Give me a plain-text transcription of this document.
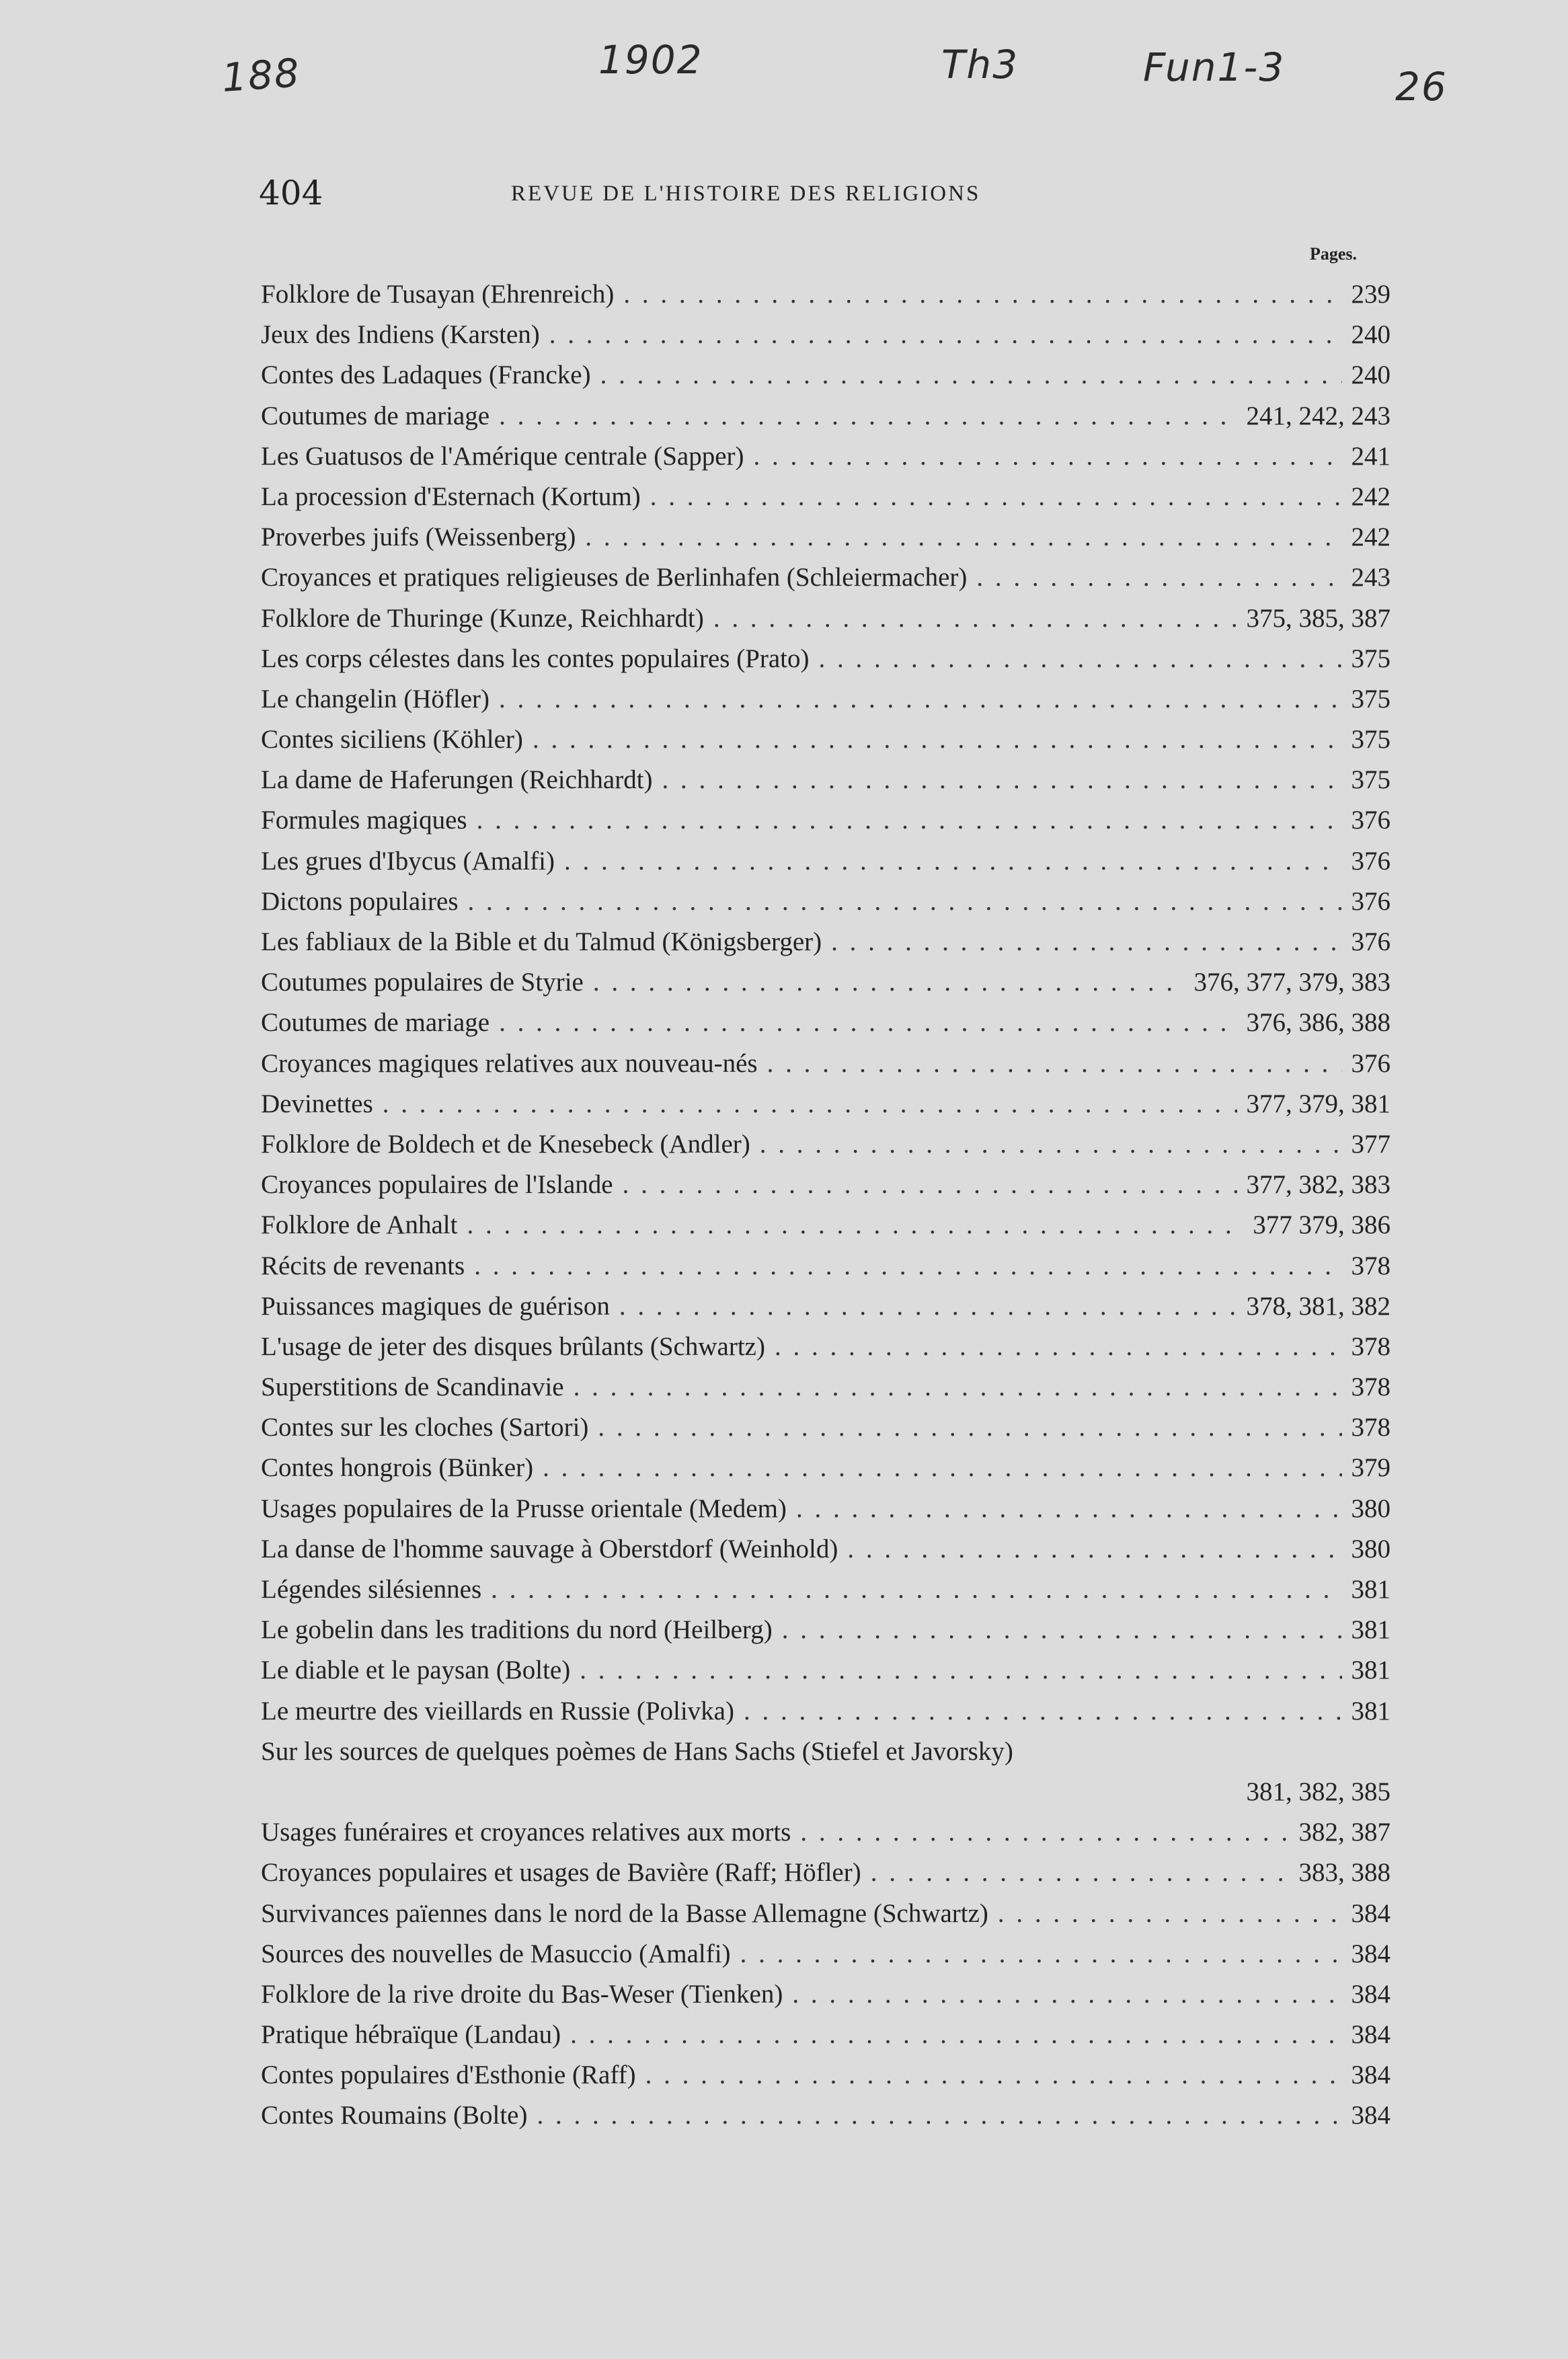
188	1902	Th3	Fun1-3	26
404	REVUE DE L'HISTOIRE DES RELIGIONS
Pages.
Folklore de Tusayan (Ehrenreich) . . .	239
Jeux des Indiens (Karsten) . . .	240
Contes des Ladaques (Francke) . . .	240
Coutumes de mariage . . .	241, 242, 243
Les Guatusos de l'Amérique centrale (Sapper) . . .	241
La procession d'Esternach (Kortum) . . .	242
Proverbes juifs (Weissenberg) . . .	242
Croyances et pratiques religieuses de Berlinhafen (Schleiermacher) . . .	243
Folklore de Thuringe (Kunze, Reichhardt) . . .	375, 385, 387
Les corps célestes dans les contes populaires (Prato) . . .	375
Le changelin (Höfler) . . .	375
Contes siciliens (Köhler) . . .	375
La dame de Haferungen (Reichhardt) . . .	375
Formules magiques . . .	376
Les grues d'Ibycus (Amalfi) . . .	376
Dictons populaires . . .	376
Les fabliaux de la Bible et du Talmud (Königsberger) . . .	376
Coutumes populaires de Styrie . . .	376, 377, 379, 383
Coutumes de mariage . . .	376, 386, 388
Croyances magiques relatives aux nouveau-nés . . .	376
Devinettes . . .	377, 379, 381
Folklore de Boldech et de Knesebeck (Andler) . . .	377
Croyances populaires de l'Islande . . .	377, 382, 383
Folklore de Anhalt . . .	377 379, 386
Récits de revenants . . .	378
Puissances magiques de guérison . . .	378, 381, 382
L'usage de jeter des disques brûlants (Schwartz) . . .	378
Superstitions de Scandinavie . . .	378
Contes sur les cloches (Sartori) . . .	378
Contes hongrois (Bünker) . . .	379
Usages populaires de la Prusse orientale (Medem) . . .	380
La danse de l'homme sauvage à Oberstdorf (Weinhold) . . .	380
Légendes silésiennes . . .	381
Le gobelin dans les traditions du nord (Heilberg) . . .	381
Le diable et le paysan (Bolte) . . .	381
Le meurtre des vieillards en Russie (Polivka) . . .	381
Sur les sources de quelques poèmes de Hans Sachs (Stiefel et Javorsky)
381, 382, 385
Usages funéraires et croyances relatives aux morts . . .	382, 387
Croyances populaires et usages de Bavière (Raff; Höfler) . . .	383, 388
Survivances païennes dans le nord de la Basse Allemagne (Schwartz) . . .	384
Sources des nouvelles de Masuccio (Amalfi) . . .	384
Folklore de la rive droite du Bas-Weser (Tienken) . . .	384
Pratique hébraïque (Landau) . . .	384
Contes populaires d'Esthonie (Raff) . . .	384
Contes Roumains (Bolte) . . .	384
